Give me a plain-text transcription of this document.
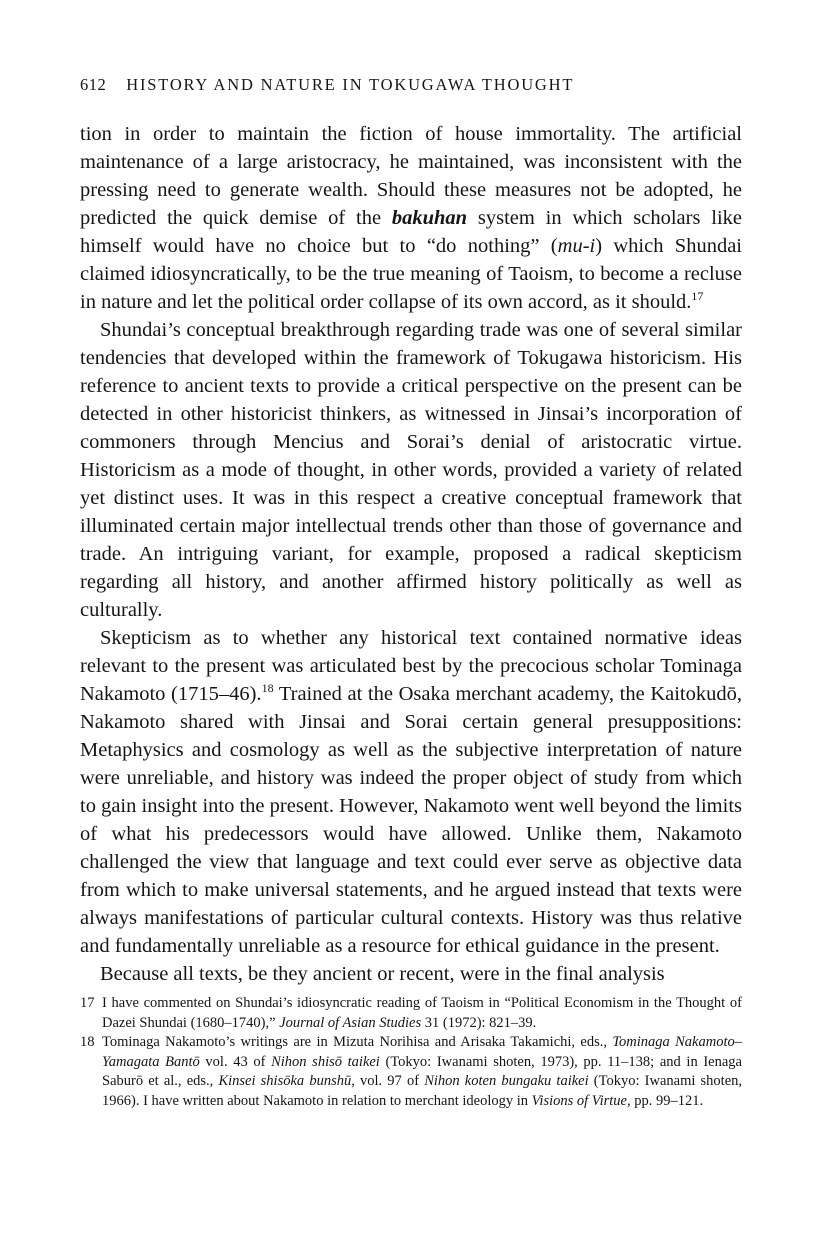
612 HISTORY AND NATURE IN TOKUGAWA THOUGHT

tion in order to maintain the fiction of house immortality. The artificial maintenance of a large aristocracy, he maintained, was inconsistent with the pressing need to generate wealth. Should these measures not be adopted, he predicted the quick demise of the bakuhan system in which scholars like himself would have no choice but to “do nothing” (mu-i) which Shundai claimed idiosyncratically, to be the true meaning of Taoism, to become a recluse in nature and let the political order collapse of its own accord, as it should.$^{17}$

Shundai’s conceptual breakthrough regarding trade was one of several similar tendencies that developed within the framework of Tokugawa historicism. His reference to ancient texts to provide a critical perspective on the present can be detected in other historicist thinkers, as witnessed in Jinsai’s incorporation of commoners through Mencius and Sorai’s denial of aristocratic virtue. Historicism as a mode of thought, in other words, provided a variety of related yet distinct uses. It was in this respect a creative conceptual framework that illuminated certain major intellectual trends other than those of governance and trade. An intriguing variant, for example, proposed a radical skepticism regarding all history, and another affirmed history politically as well as culturally.

Skepticism as to whether any historical text contained normative ideas relevant to the present was articulated best by the precocious scholar Tominaga Nakamoto (1715–46).$^{18}$ Trained at the Osaka merchant academy, the Kaitokudō, Nakamoto shared with Jinsai and Sorai certain general presuppositions: Metaphysics and cosmology as well as the subjective interpretation of nature were unreliable, and history was indeed the proper object of study from which to gain insight into the present. However, Nakamoto went well beyond the limits of what his predecessors would have allowed. Unlike them, Nakamoto challenged the view that language and text could ever serve as objective data from which to make universal statements, and he argued instead that texts were always manifestations of particular cultural contexts. History was thus relative and fundamentally unreliable as a resource for ethical guidance in the present.

Because all texts, be they ancient or recent, were in the final analysis

17 I have commented on Shundai’s idiosyncratic reading of Taoism in “Political Economism in the Thought of Dazei Shundai (1680–1740),” Journal of Asian Studies 31 (1972): 821–39.

18 Tominaga Nakamoto’s writings are in Mizuta Norihisa and Arisaka Takamichi, eds., Tominaga Nakamoto–Yamagata Bantō vol. 43 of Nihon shisō taikei (Tokyo: Iwanami shoten, 1973), pp. 11–138; and in Ienaga Saburō et al., eds., Kinsei shisōka bunshū, vol. 97 of Nihon koten bungaku taikei (Tokyo: Iwanami shoten, 1966). I have written about Nakamoto in relation to merchant ideology in Visions of Virtue, pp. 99–121.
